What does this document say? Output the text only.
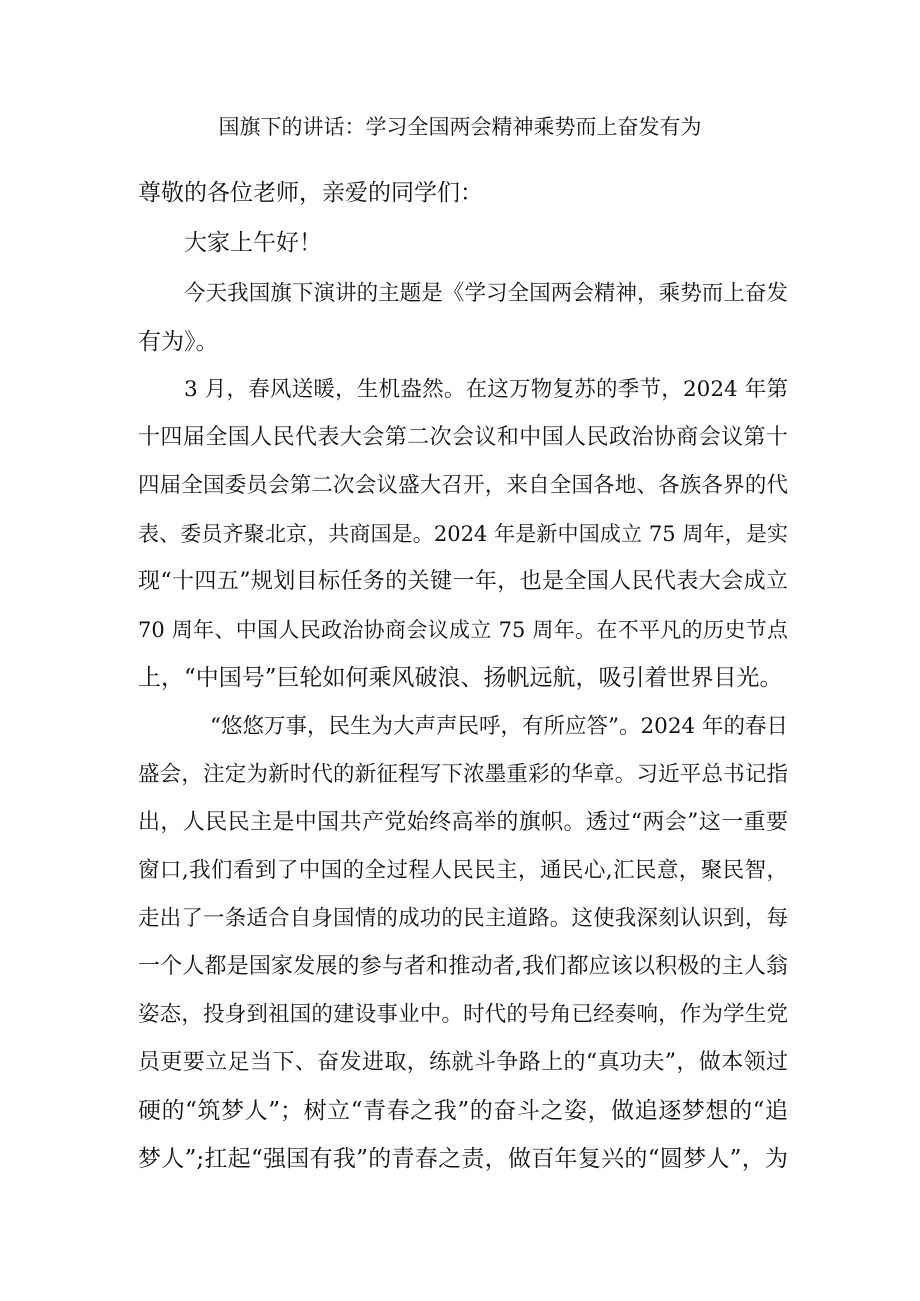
国旗下的讲话：学习全国两会精神乘势而上奋发有为
尊敬的各位老师，亲爱的同学们：
大家上午好！
今天我国旗下演讲的主题是《学习全国两会精神，乘势而上奋发
有为》。
3 月，春风送暖，生机盎然。在这万物复苏的季节，2024 年第
十四届全国人民代表大会第二次会议和中国人民政治协商会议第十
四届全国委员会第二次会议盛大召开，来自全国各地、各族各界的代
表、委员齐聚北京，共商国是。2024 年是新中国成立 75 周年，是实
现“十四五”规划目标任务的关键一年，也是全国人民代表大会成立
70 周年、中国人民政治协商会议成立 75 周年。在不平凡的历史节点
上，“中国号”巨轮如何乘风破浪、扬帆远航，吸引着世界目光。
“悠悠万事，民生为大声声民呼，有所应答”。2024 年的春日
盛会，注定为新时代的新征程写下浓墨重彩的华章。习近平总书记指
出，人民民主是中国共产党始终高举的旗帜。透过“两会”这一重要
窗口,我们看到了中国的全过程人民民主，通民心,汇民意，聚民智，
走出了一条适合自身国情的成功的民主道路。这使我深刻认识到，每
一个人都是国家发展的参与者和推动者,我们都应该以积极的主人翁
姿态，投身到祖国的建设事业中。时代的号角已经奏响，作为学生党
员更要立足当下、奋发进取，练就斗争路上的“真功夫”，做本领过
硬的“筑梦人”；树立“青春之我”的奋斗之姿，做追逐梦想的“追
梦人”;扛起“强国有我”的青春之责，做百年复兴的“圆梦人”，为
